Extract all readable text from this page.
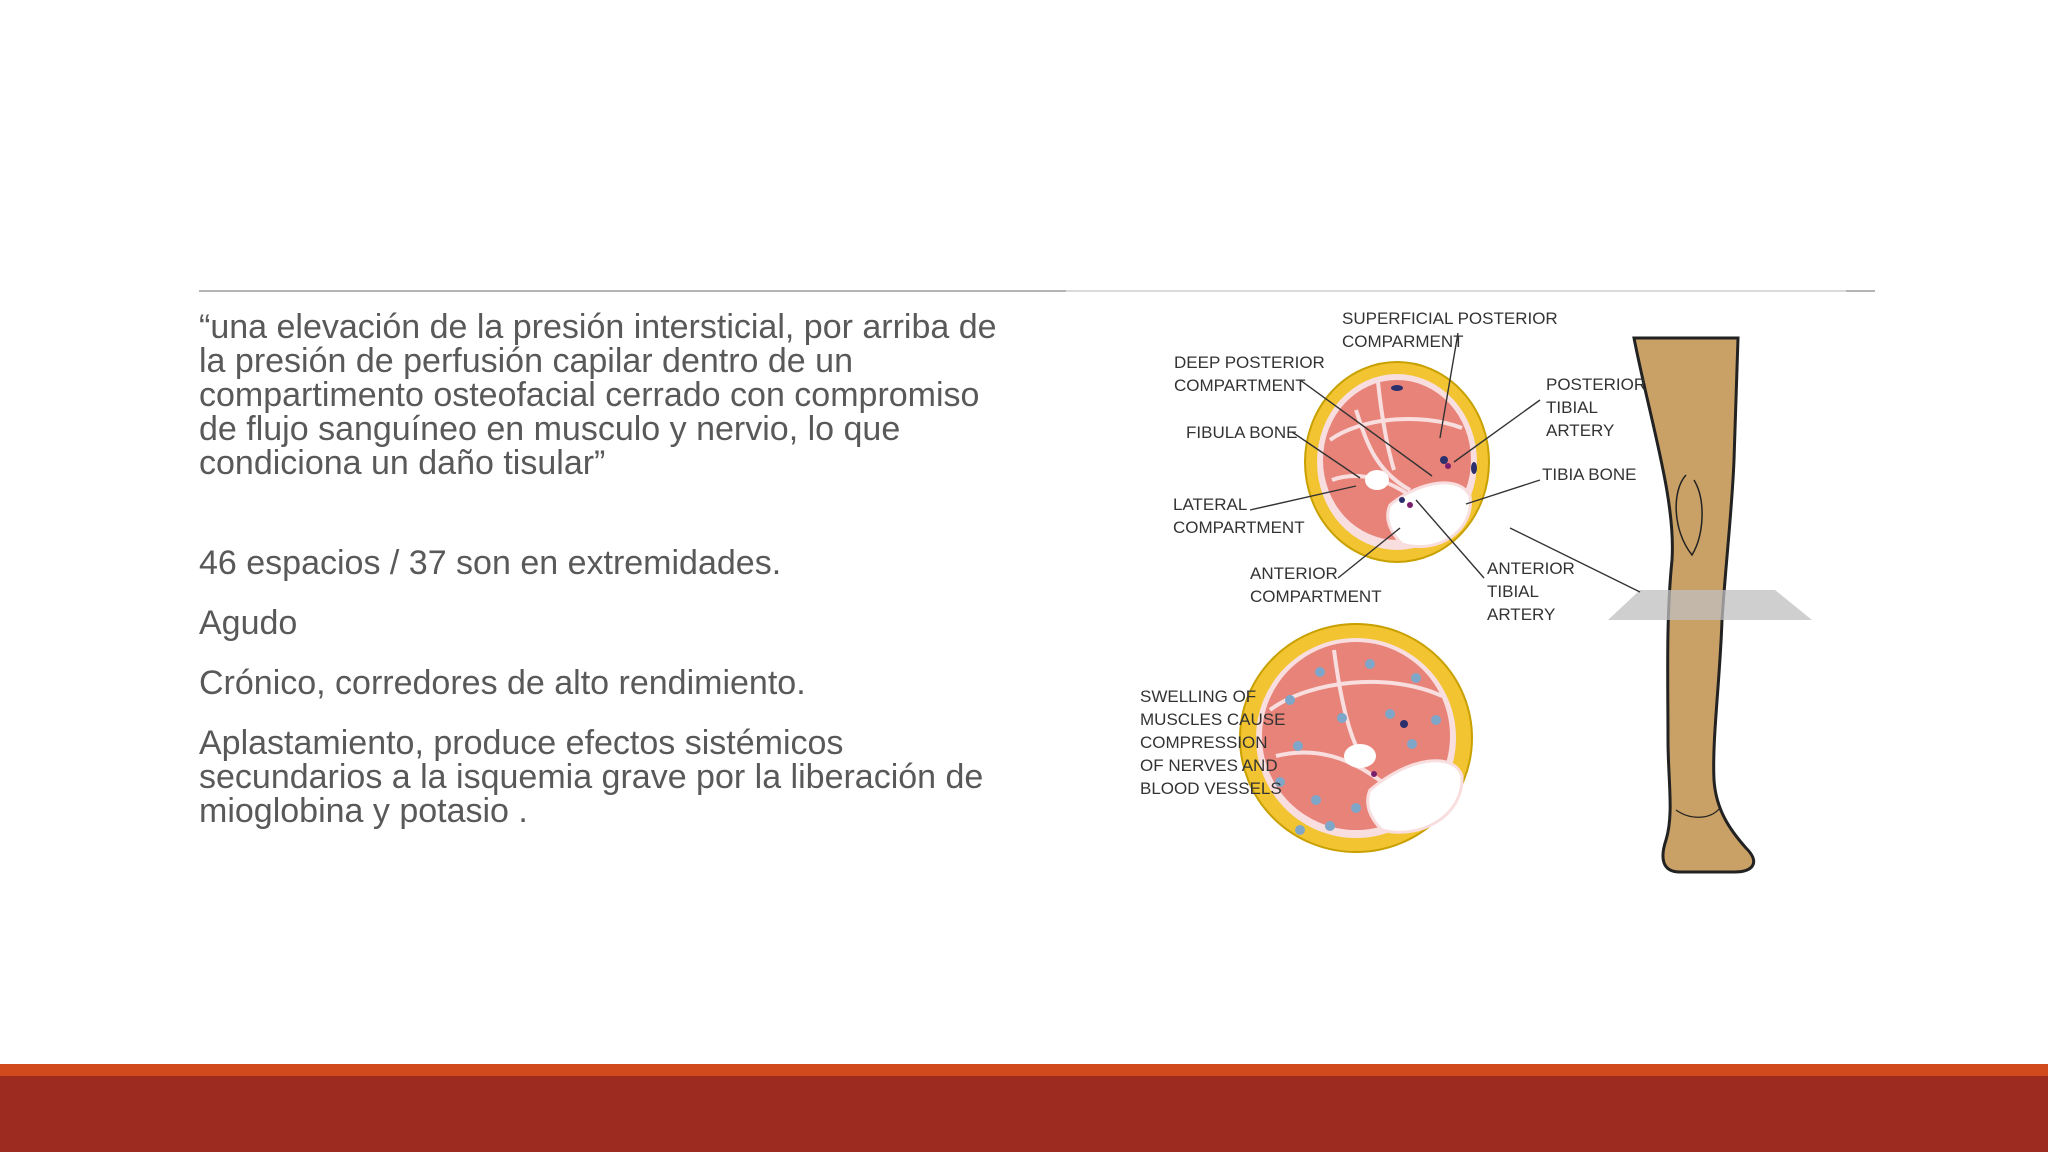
“una elevación de la presión intersticial, por arriba de la presión de perfusión capilar dentro de un compartimento osteofacial cerrado con compromiso de flujo sanguíneo en musculo y nervio, lo que condiciona un daño tisular”

46 espacios / 37 son en extremidades.

Agudo

Crónico, corredores de alto rendimiento.

Aplastamiento, produce efectos sistémicos secundarios a la isquemia grave por la liberación de mioglobina y potasio .

SUPERFICIAL POSTERIOR COMPARMENT
DEEP POSTERIOR COMPARTMENT
FIBULA BONE
LATERAL COMPARTMENT
ANTERIOR COMPARTMENT
ANTERIOR TIBIAL ARTERY
POSTERIOR TIBIAL ARTERY
TIBIA BONE
SWELLING OF MUSCLES CAUSE COMPRESSION OF NERVES AND BLOOD VESSELS
